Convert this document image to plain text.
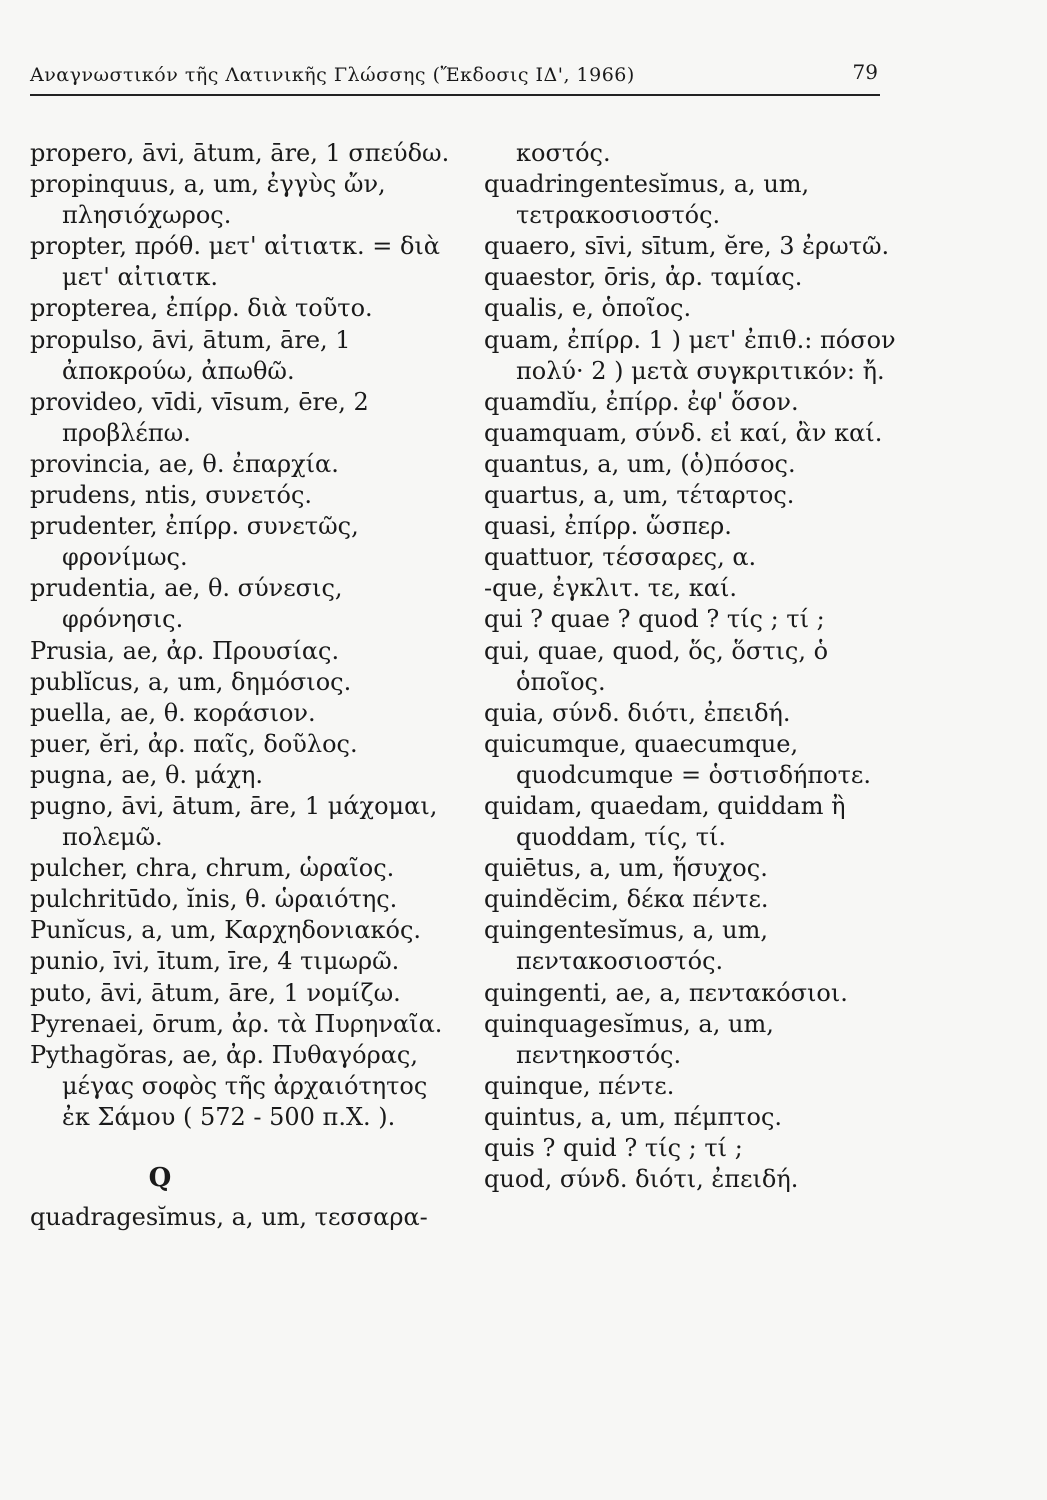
Αναγνωστικόν τῆς Λατινικῆς Γλώσσης (Ἔκδοσις ΙΔ', 1966)	79

propero, āvi, ātum, āre, 1 σπεύδω.

propinquus, a, um, ἐγγὺς ὤν, πλησιόχωρος.

propter, πρόθ. μετ' αἰτιατκ. = διὰ μετ' αἰτιατκ.

propterea, ἐπίρρ. διὰ τοῦτο.

propulso, āvi, ātum, āre, 1 ἀποκρούω, ἀπωθῶ.

provideo, vīdi, vīsum, ēre, 2 προβλέπω.

provincia, ae, θ. ἐπαρχία.

prudens, ntis, συνετός.

prudenter, ἐπίρρ. συνετῶς, φρονίμως.

prudentia, ae, θ. σύνεσις, φρόνησις.

Prusia, ae, ἀρ. Προυσίας.

publĭcus, a, um, δημόσιος.

puella, ae, θ. κοράσιον.

puer, ĕri, ἀρ. παῖς, δοῦλος.

pugna, ae, θ. μάχη.

pugno, āvi, ātum, āre, 1 μάχομαι, πολεμῶ.

pulcher, chra, chrum, ὡραῖος.

pulchritūdo, ĭnis, θ. ὡραιότης.

Punĭcus, a, um, Καρχηδονιακός.

punio, īvi, ītum, īre, 4 τιμωρῶ.

puto, āvi, ātum, āre, 1 νομίζω.

Pyrenaei, ōrum, ἀρ. τὰ Πυρηναῖα.

Pythagŏras, ae, ἀρ. Πυθαγόρας, μέγας σοφὸς τῆς ἀρχαιότητος ἐκ Σάμου ( 572 - 500 π.Χ. ).

Q

quadragesĭmus, a, um, τεσσαρα-

κοστός.

quadringentesĭmus, a, um, τετρακοσιοστός.

quaero, sīvi, sītum, ĕre, 3 ἐρωτῶ.

quaestor, ōris, ἀρ. ταμίας.

qualis, e, ὁποῖος.

quam, ἐπίρρ. 1 ) μετ' ἐπιθ.: πόσον πολύ· 2 ) μετὰ συγκριτικόν: ἤ.

quamdĭu, ἐπίρρ. ἐφ' ὅσον.

quamquam, σύνδ. εἰ καί, ἂν καί.

quantus, a, um, (ὁ)πόσος.

quartus, a, um, τέταρτος.

quasi, ἐπίρρ. ὥσπερ.

quattuor, τέσσαρες, α.

-que, ἐγκλιτ. τε, καί.

qui ? quae ? quod ? τίς ; τί ;

qui, quae, quod, ὅς, ὅστις, ὁ ὁποῖος.

quia, σύνδ. διότι, ἐπειδή.

quicumque, quaecumque, quodcumque = ὁστισδήποτε.

quidam, quaedam, quiddam ἢ quoddam, τίς, τί.

quiētus, a, um, ἥσυχος.

quindĕcim, δέκα πέντε.

quingentesĭmus, a, um, πεντακοσιοστός.

quingenti, ae, a, πεντακόσιοι.

quinquagesĭmus, a, um, πεντηκοστός.

quinque, πέντε.

quintus, a, um, πέμπτος.

quis ? quid ? τίς ; τί ;

quod, σύνδ. διότι, ἐπειδή.
